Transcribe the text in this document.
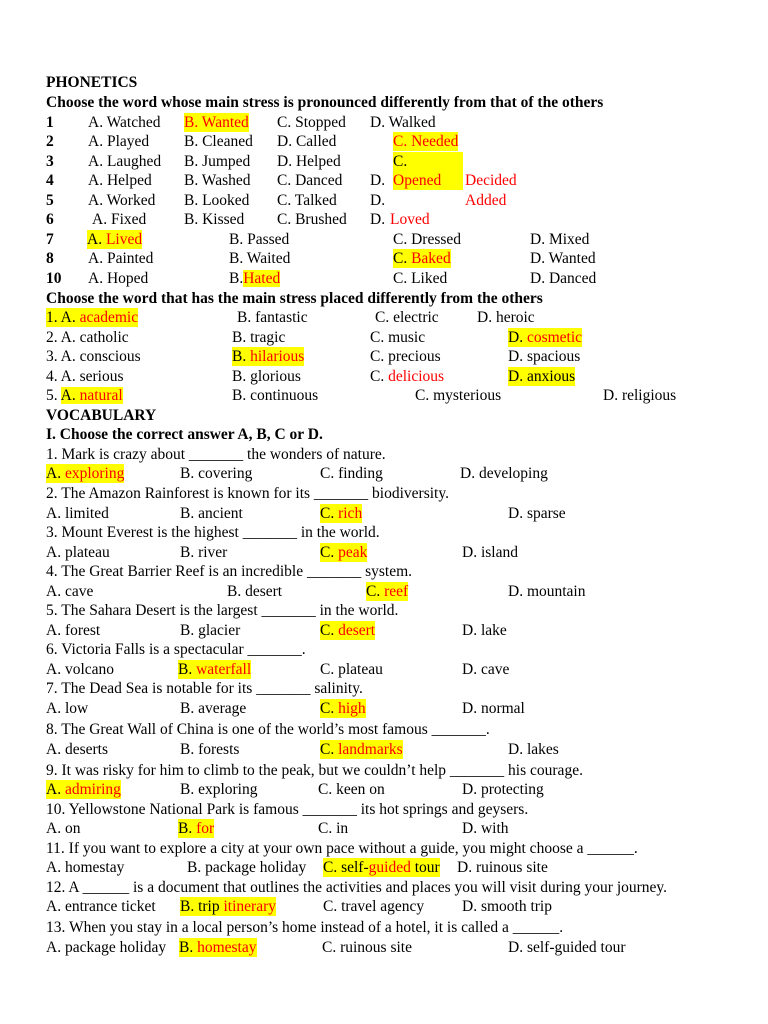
PHONETICS
Choose the word whose main stress is pronounced differently from that of the others
1 A. Watched B. Wanted C. Stopped D. Walked
2 A. Played B. Cleaned D. Called	C. Needed
3 A. Laughed B. Jumped D. Helped	C.
4 A. Helped B. Washed C. Danced D. Opened	Decided
5 A. Worked B. Looked C. Talked D.	Added
6 A. Fixed B. Kissed C. Brushed D. Loved
7 A. Lived	B. Passed	C. Dressed	D. Mixed
8 A. Painted	B. Waited	C. Baked	D. Wanted
10 A. Hoped	B.Hated	C. Liked	D. Danced
Choose the word that has the main stress placed differently from the others
1. A. academic	B. fantastic	C. electric D. heroic
2. A. catholic	B. tragic	C. music	D. cosmetic
3. A. conscious	B. hilarious	C. precious	D. spacious
4. A. serious	B. glorious	C. delicious	D. anxious
5. A. natural	B. continuous	C. mysterious	D. religious
VOCABULARY
I. Choose the correct answer A, B, C or D.
1. Mark is crazy about _______ the wonders of nature.
A. exploring	B. covering	C. finding	D. developing
2. The Amazon Rainforest is known for its _______ biodiversity.
A. limited	B. ancient	C. rich	D. sparse
3. Mount Everest is the highest _______ in the world.
A. plateau	B. river	C. peak	D. island
4. The Great Barrier Reef is an incredible _______ system.
A. cave	B. desert	C. reef	D. mountain
5. The Sahara Desert is the largest _______ in the world.
A. forest	B. glacier	C. desert	D. lake
6. Victoria Falls is a spectacular _______.
A. volcano	B. waterfall	C. plateau	D. cave
7. The Dead Sea is notable for its _______ salinity.
A. low	B. average	C. high	D. normal
8. The Great Wall of China is one of the world’s most famous _______.
A. deserts	B. forests	C. landmarks	D. lakes
9. It was risky for him to climb to the peak, but we couldn’t help _______ his courage.
A. admiring	B. exploring	C. keen on	D. protecting
10. Yellowstone National Park is famous _______ its hot springs and geysers.
A. on	B. for	C. in	D. with
11. If you want to explore a city at your own pace without a guide, you might choose a ______.
A. homestay	B. package holiday C. self-guided tour D. ruinous site
12. A ______ is a document that outlines the activities and places you will visit during your journey.
A. entrance ticket B. trip itinerary	C. travel agency D. smooth trip
13. When you stay in a local person’s home instead of a hotel, it is called a ______.
A. package holiday B. homestay	C. ruinous site	D. self-guided tour
